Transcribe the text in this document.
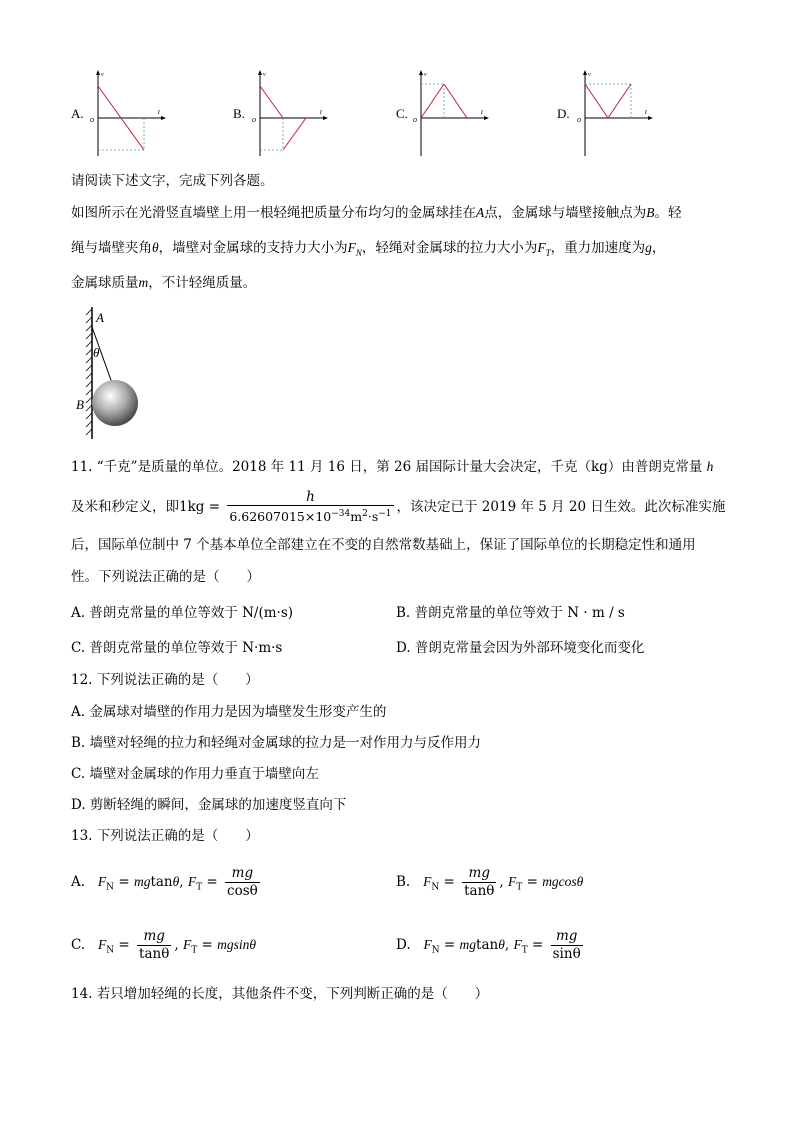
A.
v
t
o	B.
v
t
o	C.
v
t
o	D.
v
t
o
请阅读下述文字，完成下列各题。
如图所示在光滑竖直墙壁上用一根轻绳把质量分布均匀的金属球挂在A点，金属球与墙壁接触点为B。轻
绳与墙壁夹角θ，墙壁对金属球的支持力大小为$F_N$，轻绳对金属球的拉力大小为$F_T$，重力加速度为g，
金属球质量m，不计轻绳质量。
A
θ
B
11. “千克”是质量的单位。2018 年 11 月 16 日，第 26 届国际计量大会决定，千克（kg）由普朗克常量 h
及米和秒定义，即$1kg = \frac{h}{6.62607015\times 10^{-34}m^2\cdot s^{-1}}$ ，该决定已于 2019 年 5 月 20 日生效。此次标准实施
后，国际单位制中 7 个基本单位全部建立在不变的自然常数基础上，保证了国际单位的长期稳定性和通用
性。下列说法正确的是（　　）
A. 普朗克常量的单位等效于 N/(m·s)	B. 普朗克常量的单位等效于 N · m / s
C. 普朗克常量的单位等效于 N·m·s	D. 普朗克常量会因为外部环境变化而变化
12. 下列说法正确的是（　　）
A. 金属球对墙壁的作用力是因为墙壁发生形变产生的
B. 墙壁对轻绳的拉力和轻绳对金属球的拉力是一对作用力与反作用力
C. 墙壁对金属球的作用力垂直于墙壁向左
D. 剪断轻绳的瞬间，金属球的加速度竖直向下
13. 下列说法正确的是（　　）
A. $F_N = mgtan\theta$, $F_T = \frac{mg}{\cos\theta}$	B. $F_N = \frac{mg}{\tan\theta}$ , $F_T = mgcos\theta$
C. $F_N = \frac{mg}{\tan\theta}$ , $F_T = mgsin\theta$	D. $F_N = mgtan\theta$, $F_T = \frac{mg}{\sin\theta}$
14. 若只增加轻绳的长度，其他条件不变，下列判断正确的是（　　）
